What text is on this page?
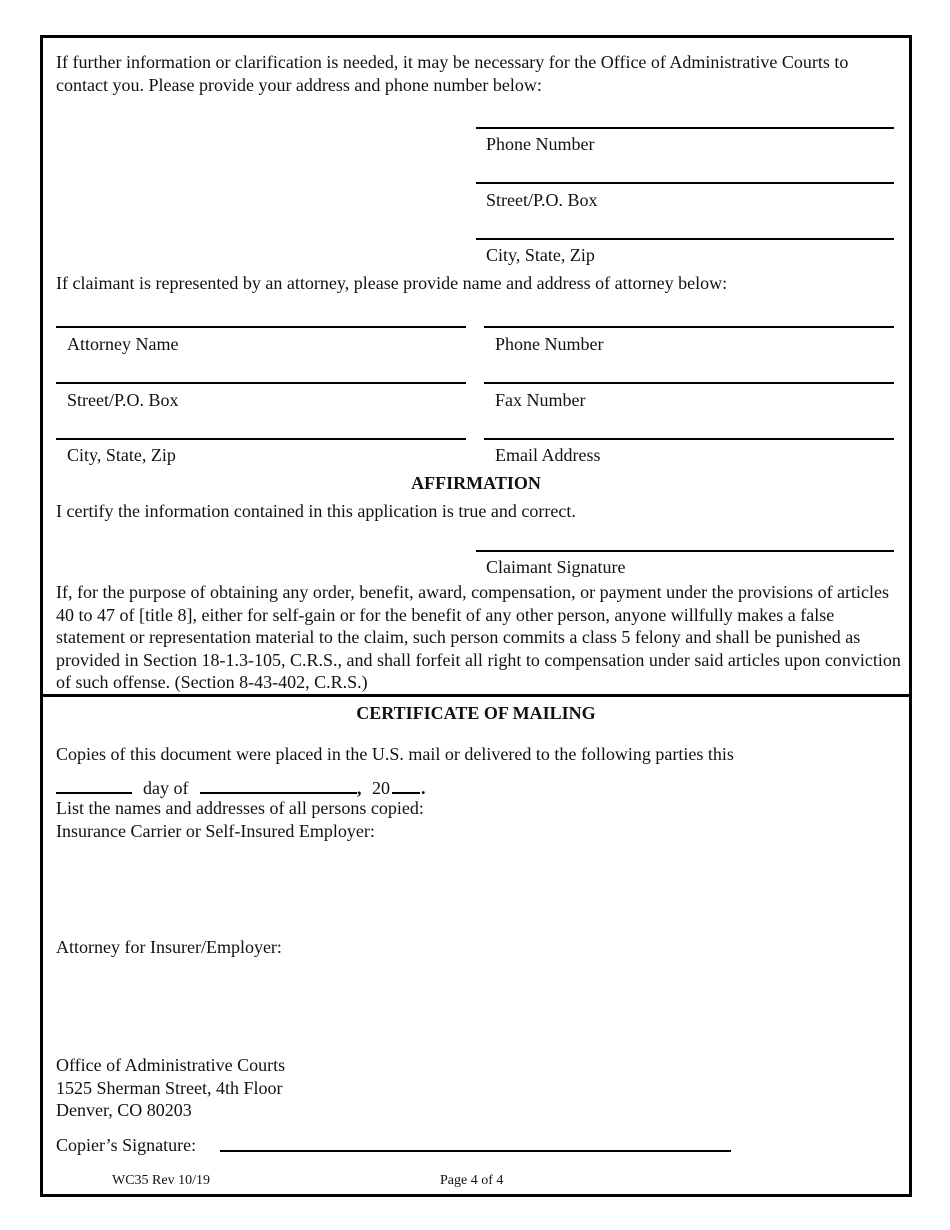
If further information or clarification is needed, it may be necessary for the Office of Administrative Courts to contact you. Please provide your address and phone number below:
Phone Number
Street/P.O. Box
City, State, Zip
If claimant is represented by an attorney, please provide name and address of attorney below:
Attorney Name	Phone Number
Street/P.O. Box	Fax Number
City, State, Zip	Email Address
AFFIRMATION
I certify the information contained in this application is true and correct.
Claimant Signature
If, for the purpose of obtaining any order, benefit, award, compensation, or payment under the provisions of articles 40 to 47 of [title 8], either for self-gain or for the benefit of any other person, anyone willfully makes a false statement or representation material to the claim, such person commits a class 5 felony and shall be punished as provided in Section 18-1.3-105, C.R.S., and shall forfeit all right to compensation under said articles upon conviction of such offense. (Section 8-43-402, C.R.S.)
CERTIFICATE OF MAILING
Copies of this document were placed in the U.S. mail or delivered to the following parties this
day of	, 20 .
List the names and addresses of all persons copied:
Insurance Carrier or Self-Insured Employer:
Attorney for Insurer/Employer:
Office of Administrative Courts
1525 Sherman Street, 4th Floor
Denver, CO 80203
Copier’s Signature:
WC35 Rev 10/19	Page 4 of 4
